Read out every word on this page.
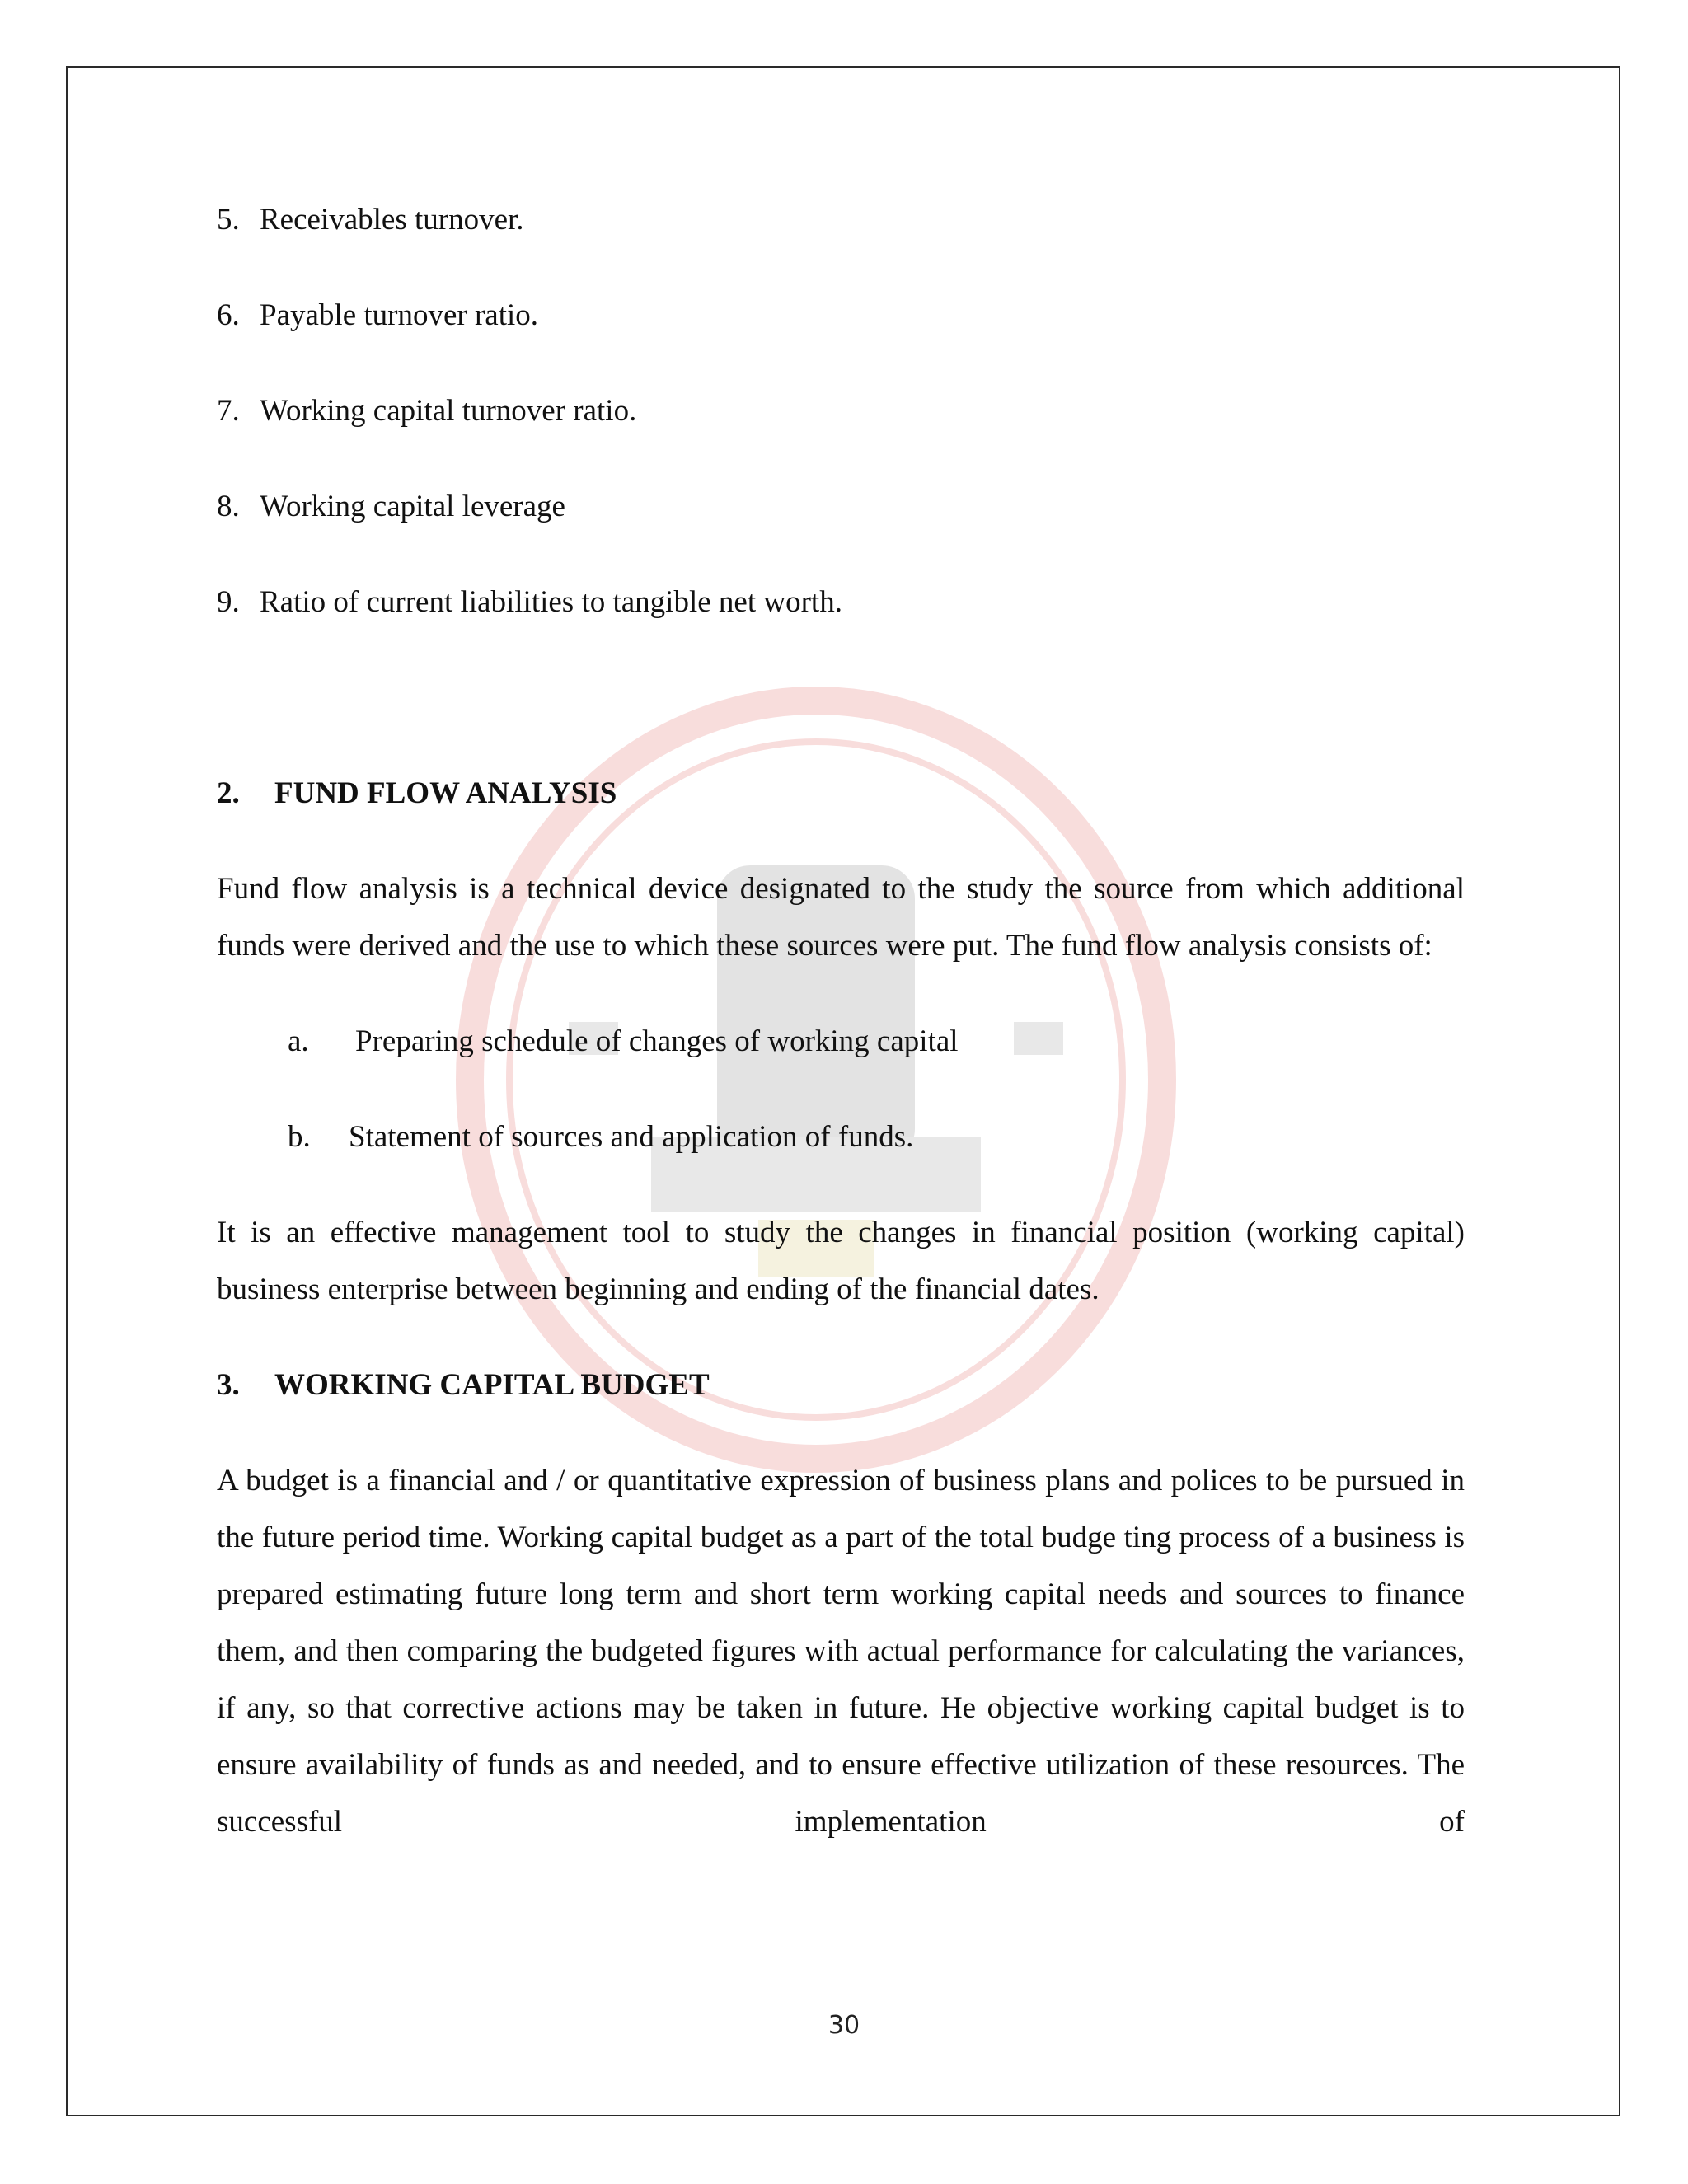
5. Receivables turnover.
6. Payable turnover ratio.
7. Working capital turnover ratio.
8. Working capital leverage
9. Ratio of current liabilities to tangible net worth.
2. FUND FLOW ANALYSIS

Fund flow analysis is a technical device designated to the study the source from which additional funds were derived and the use to which these sources were put. The fund flow analysis consists of:

a. Preparing schedule of changes of working capital
b. Statement of sources and application of funds.

It is an effective management tool to study the changes in financial position (working capital) business enterprise between beginning and ending of the financial dates.

3. WORKING CAPITAL BUDGET

A budget is a financial and / or quantitative expression of business plans and polices to be pursued in the future period time. Working capital budget as a part of the total budge ting process of a business is prepared estimating future long term and short term working capital needs and sources to finance them, and then comparing the budgeted figures with actual performance for calculating the variances, if any, so that corrective actions may be taken in future. He objective working capital budget is to ensure availability of funds as and needed, and to ensure effective utilization of these resources. The successful implementation of

30
